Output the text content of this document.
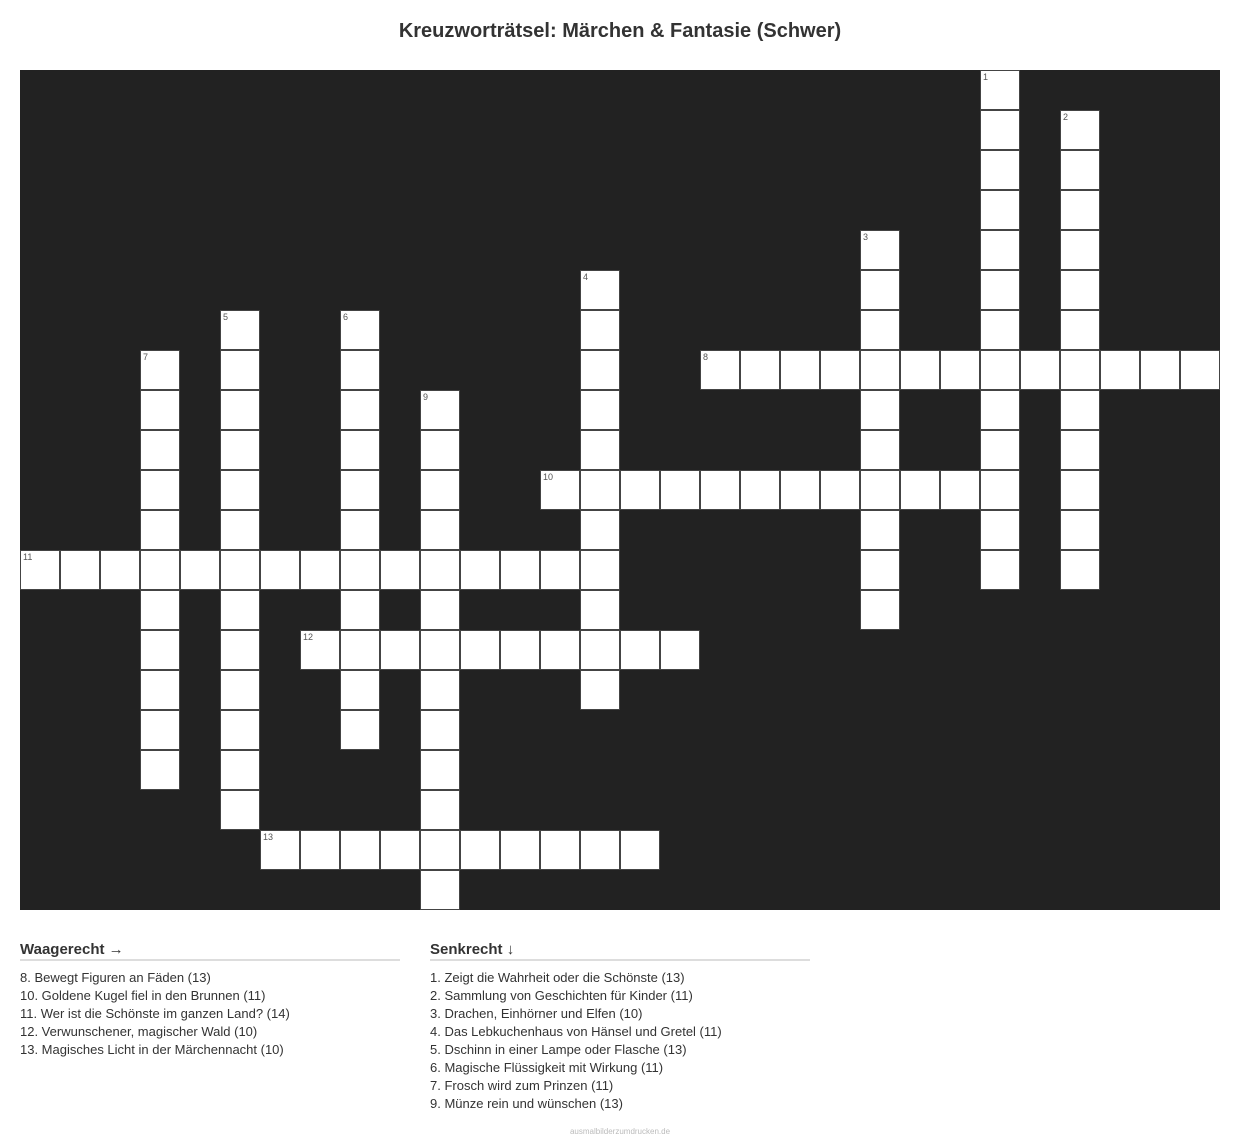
Kreuzworträtsel: Märchen & Fantasie (Schwer)
1
2
3
4
5	6
7	8
9
10
11
12
13
Waagerecht →
8. Bewegt Figuren an Fäden (13)
10. Goldene Kugel fiel in den Brunnen (11)
11. Wer ist die Schönste im ganzen Land? (14)
12. Verwunschener, magischer Wald (10)
13. Magisches Licht in der Märchennacht (10)
Senkrecht ↓
1. Zeigt die Wahrheit oder die Schönste (13)
2. Sammlung von Geschichten für Kinder (11)
3. Drachen, Einhörner und Elfen (10)
4. Das Lebkuchenhaus von Hänsel und Gretel (11)
5. Dschinn in einer Lampe oder Flasche (13)
6. Magische Flüssigkeit mit Wirkung (11)
7. Frosch wird zum Prinzen (11)
9. Münze rein und wünschen (13)
ausmalbilderzumdrucken.de
